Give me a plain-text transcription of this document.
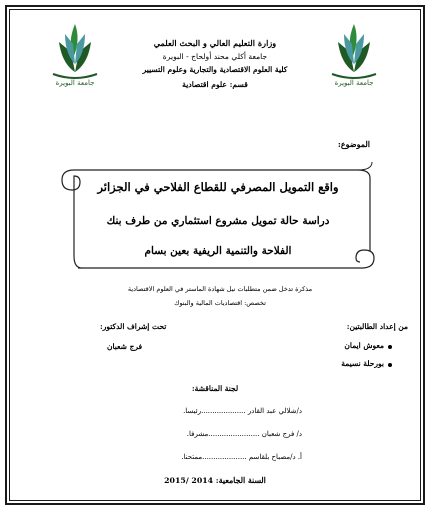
جامعة البويرة	جامعة البويرة
وزارة التعليم العالي و البحث العلمي
جامعة أكلي محند أولحاج - البويرة
كلية العلوم الاقتصادية والتجارية وعلوم التسيير
قسم: علوم اقتصادية
الموضوع:
واقع التمويل المصرفي للقطاع الفلاحي في الجزائر
دراسة حالة تمويل مشروع استثماري من طرف بنك
الفلاحة والتنمية الريفية بعين بسام
مذكرة تدخل ضمن متطلبات نيل شهادة الماستر في العلوم الاقتصادية
تخصص: اقتصاديات المالية والبنوك
من إعداد الطالبتين:
معوش ايمان
بورحلة نسيمة
تحت إشراف الدكتور:
فرج شعبان
لجنة المناقشة:
د/شلالي عبد القادر ....................رئيسا.
د/ فرج شعبان .......................مشرفا.
أ. د/مصباح بلقاسم ....................ممتحنا.
السنة الجامعية: 2014 /2015
